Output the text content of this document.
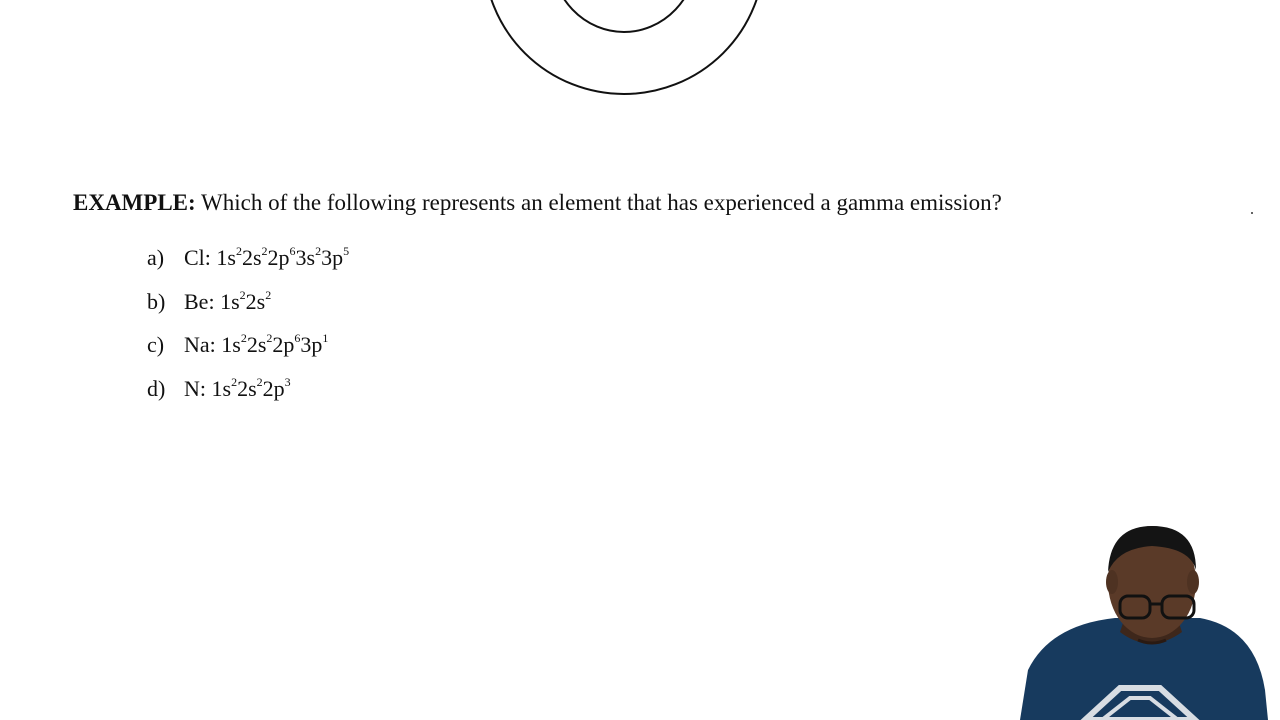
EXAMPLE: Which of the following represents an element that has experienced a gamma emission?
a) Cl: $1s^22s^22p^63s^23p^5$
b) Be: $1s^22s^2$
c) Na: $1s^22s^22p^63p^1$
d) N: $1s^22s^22p^3$
